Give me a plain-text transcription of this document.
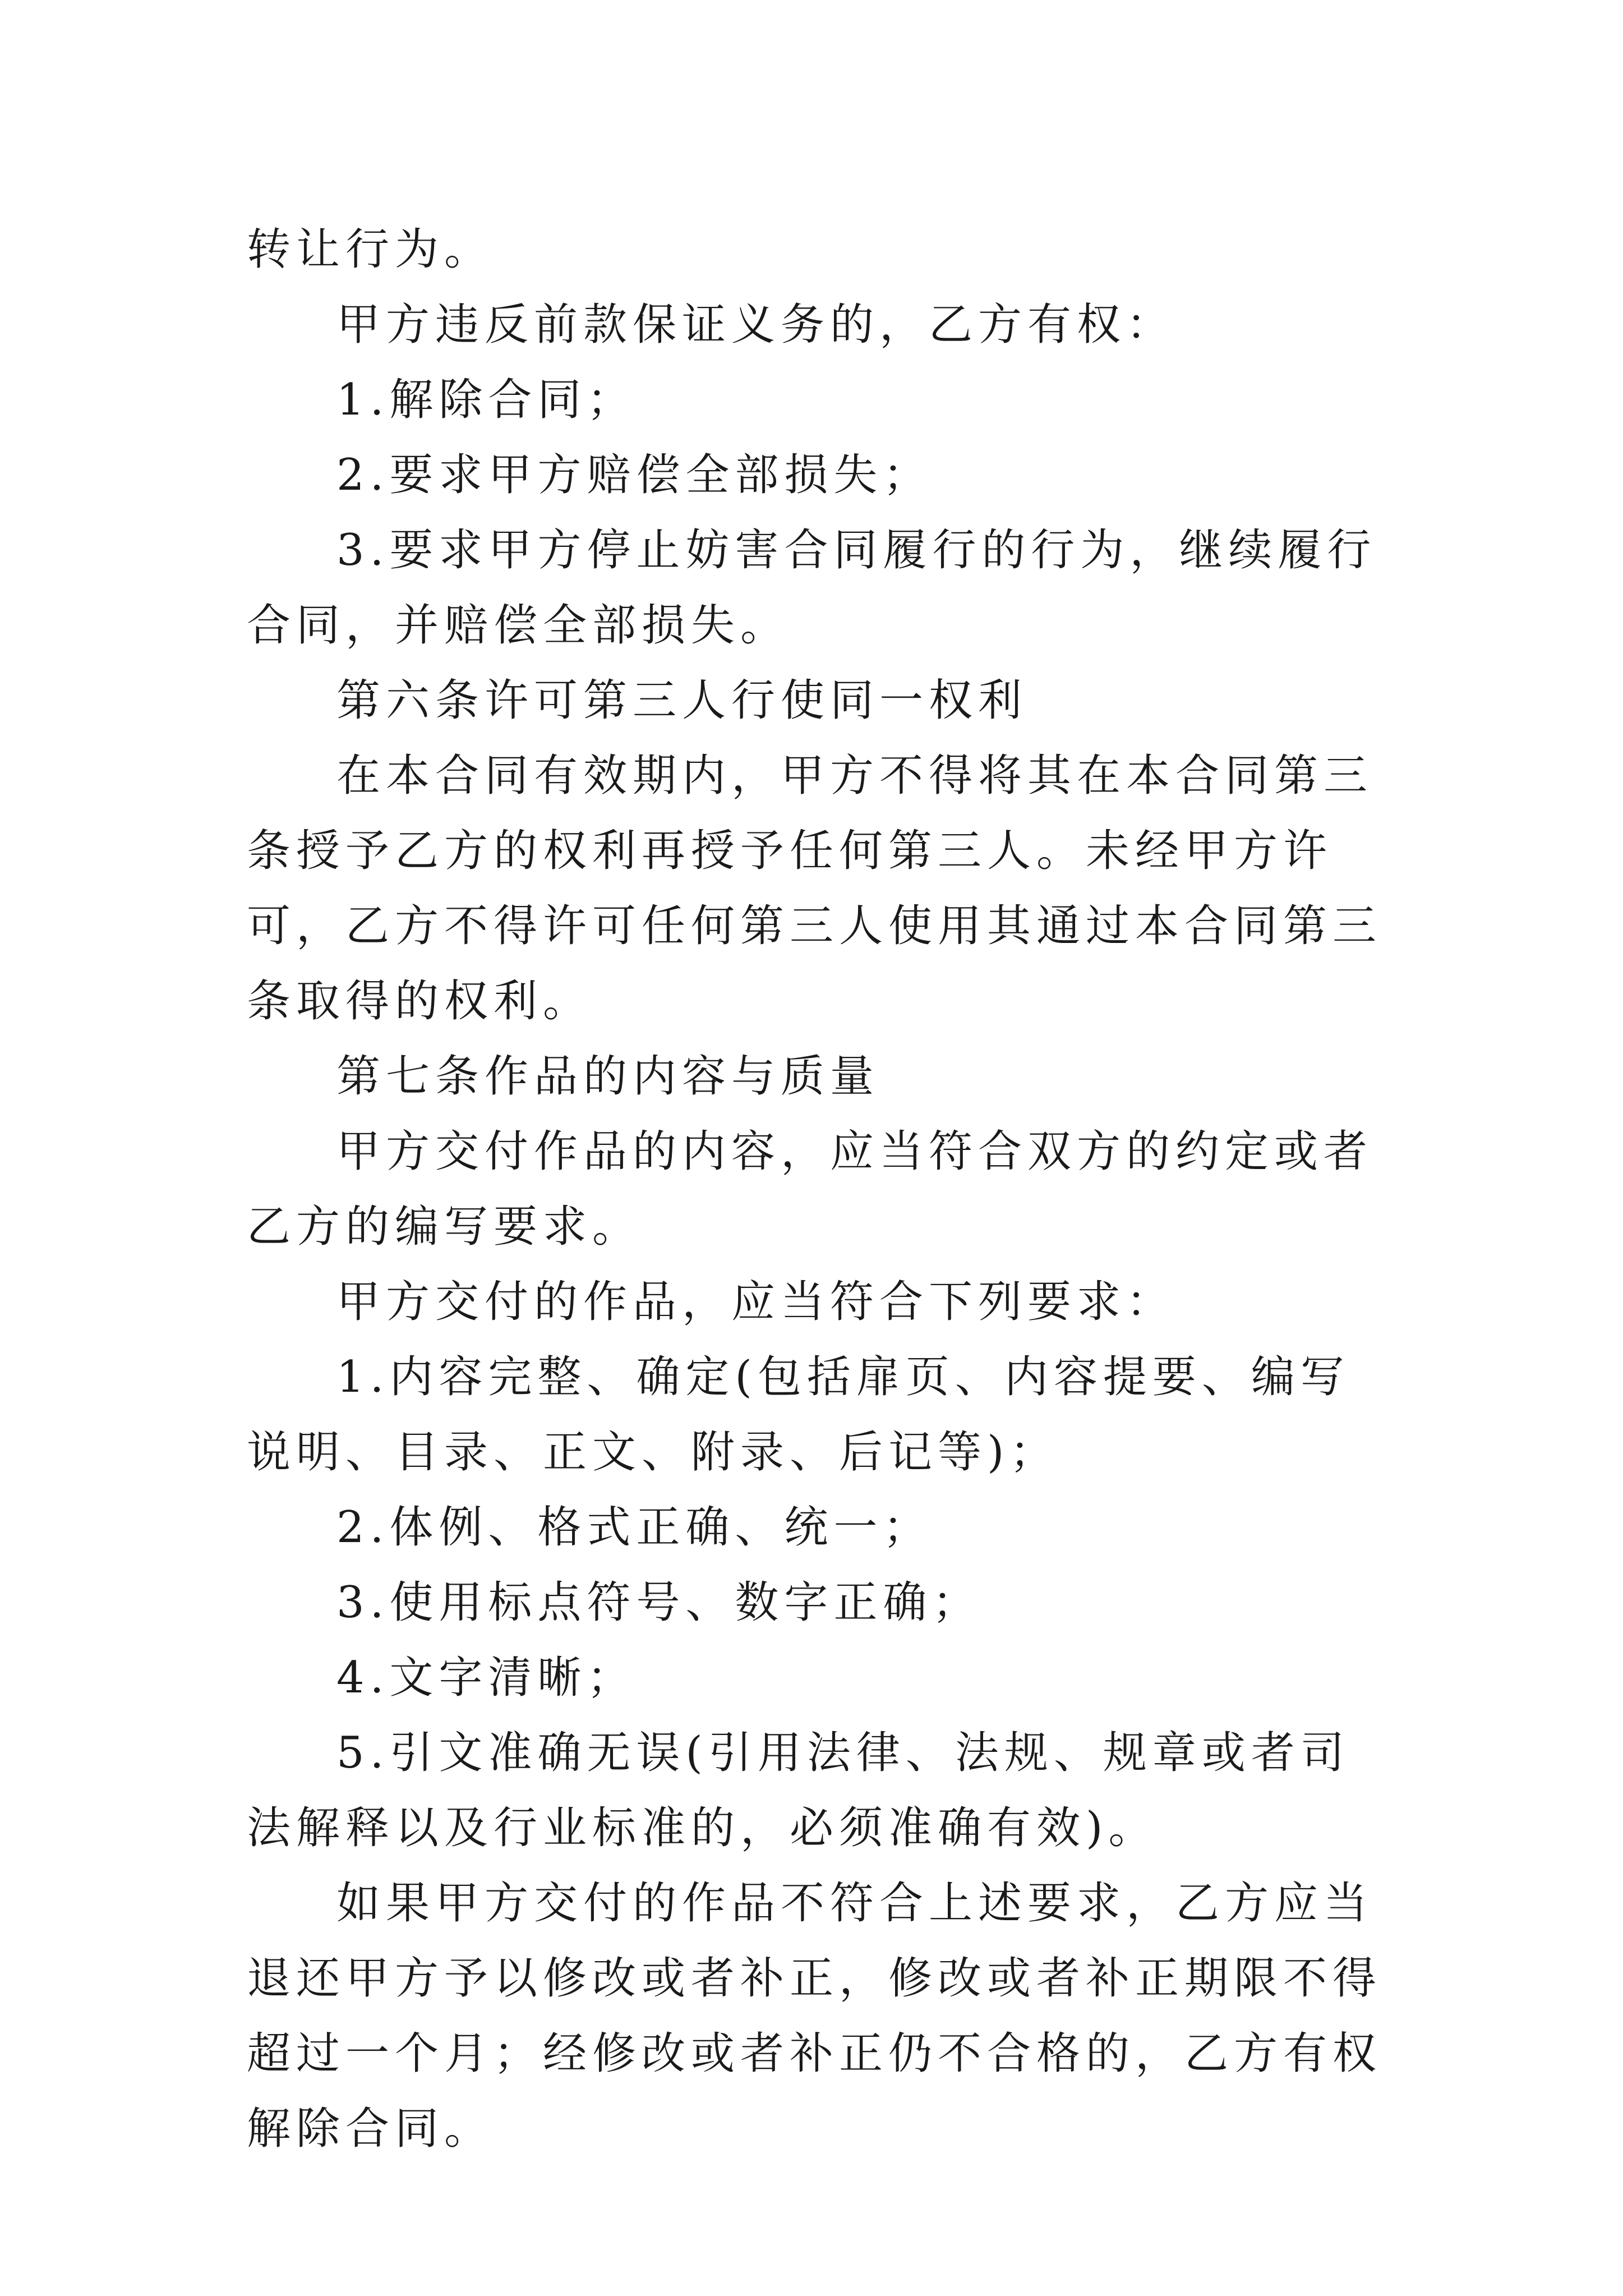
转让行为。

甲方违反前款保证义务的，乙方有权：

1.解除合同；

2.要求甲方赔偿全部损失；

3.要求甲方停止妨害合同履行的行为，继续履行合同，并赔偿全部损失。

第六条许可第三人行使同一权利

在本合同有效期内，甲方不得将其在本合同第三条授予乙方的权利再授予任何第三人。未经甲方许可，乙方不得许可任何第三人使用其通过本合同第三条取得的权利。

第七条作品的内容与质量

甲方交付作品的内容，应当符合双方的约定或者乙方的编写要求。

甲方交付的作品，应当符合下列要求：

1.内容完整、确定(包括扉页、内容提要、编写说明、目录、正文、附录、后记等)；

2.体例、格式正确、统一；

3.使用标点符号、数字正确；

4.文字清晰；

5.引文准确无误(引用法律、法规、规章或者司法解释以及行业标准的，必须准确有效)。

如果甲方交付的作品不符合上述要求，乙方应当退还甲方予以修改或者补正，修改或者补正期限不得超过一个月；经修改或者补正仍不合格的，乙方有权解除合同。
